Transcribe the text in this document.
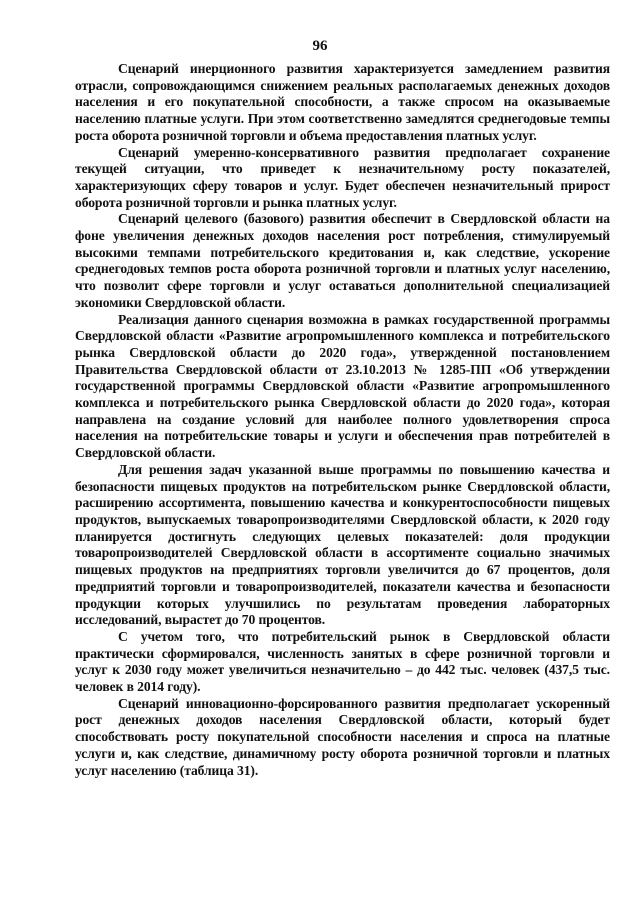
96

Сценарий инерционного развития характеризуется замедлением развития отрасли, сопровождающимся снижением реальных располагаемых денежных доходов населения и его покупательной способности, а также спросом на оказываемые населению платные услуги. При этом соответственно замедлятся среднегодовые темпы роста оборота розничной торговли и объема предоставления платных услуг.

Сценарий умеренно-консервативного развития предполагает сохранение текущей ситуации, что приведет к незначительному росту показателей, характеризующих сферу товаров и услуг. Будет обеспечен незначительный прирост оборота розничной торговли и рынка платных услуг.

Сценарий целевого (базового) развития обеспечит в Свердловской области на фоне увеличения денежных доходов населения рост потребления, стимулируемый высокими темпами потребительского кредитования и, как следствие, ускорение среднегодовых темпов роста оборота розничной торговли и платных услуг населению, что позволит сфере торговли и услуг оставаться дополнительной специализацией экономики Свердловской области.

Реализация данного сценария возможна в рамках государственной программы Свердловской области «Развитие агропромышленного комплекса и потребительского рынка Свердловской области до 2020 года», утвержденной постановлением Правительства Свердловской области от 23.10.2013 № 1285-ПП «Об утверждении государственной программы Свердловской области «Развитие агропромышленного комплекса и потребительского рынка Свердловской области до 2020 года», которая направлена на создание условий для наиболее полного удовлетворения спроса населения на потребительские товары и услуги и обеспечения прав потребителей в Свердловской области.

Для решения задач указанной выше программы по повышению качества и безопасности пищевых продуктов на потребительском рынке Свердловской области, расширению ассортимента, повышению качества и конкурентоспособности пищевых продуктов, выпускаемых товаропроизводителями Свердловской области, к 2020 году планируется достигнуть следующих целевых показателей: доля продукции товаропроизводителей Свердловской области в ассортименте социально значимых пищевых продуктов на предприятиях торговли увеличится до 67 процентов, доля предприятий торговли и товаропроизводителей, показатели качества и безопасности продукции которых улучшились по результатам проведения лабораторных исследований, вырастет до 70 процентов.

С учетом того, что потребительский рынок в Свердловской области практически сформировался, численность занятых в сфере розничной торговли и услуг к 2030 году может увеличиться незначительно – до 442 тыс. человек (437,5 тыс. человек в 2014 году).

Сценарий инновационно-форсированного развития предполагает ускоренный рост денежных доходов населения Свердловской области, который будет способствовать росту покупательной способности населения и спроса на платные услуги и, как следствие, динамичному росту оборота розничной торговли и платных услуг населению (таблица 31).
